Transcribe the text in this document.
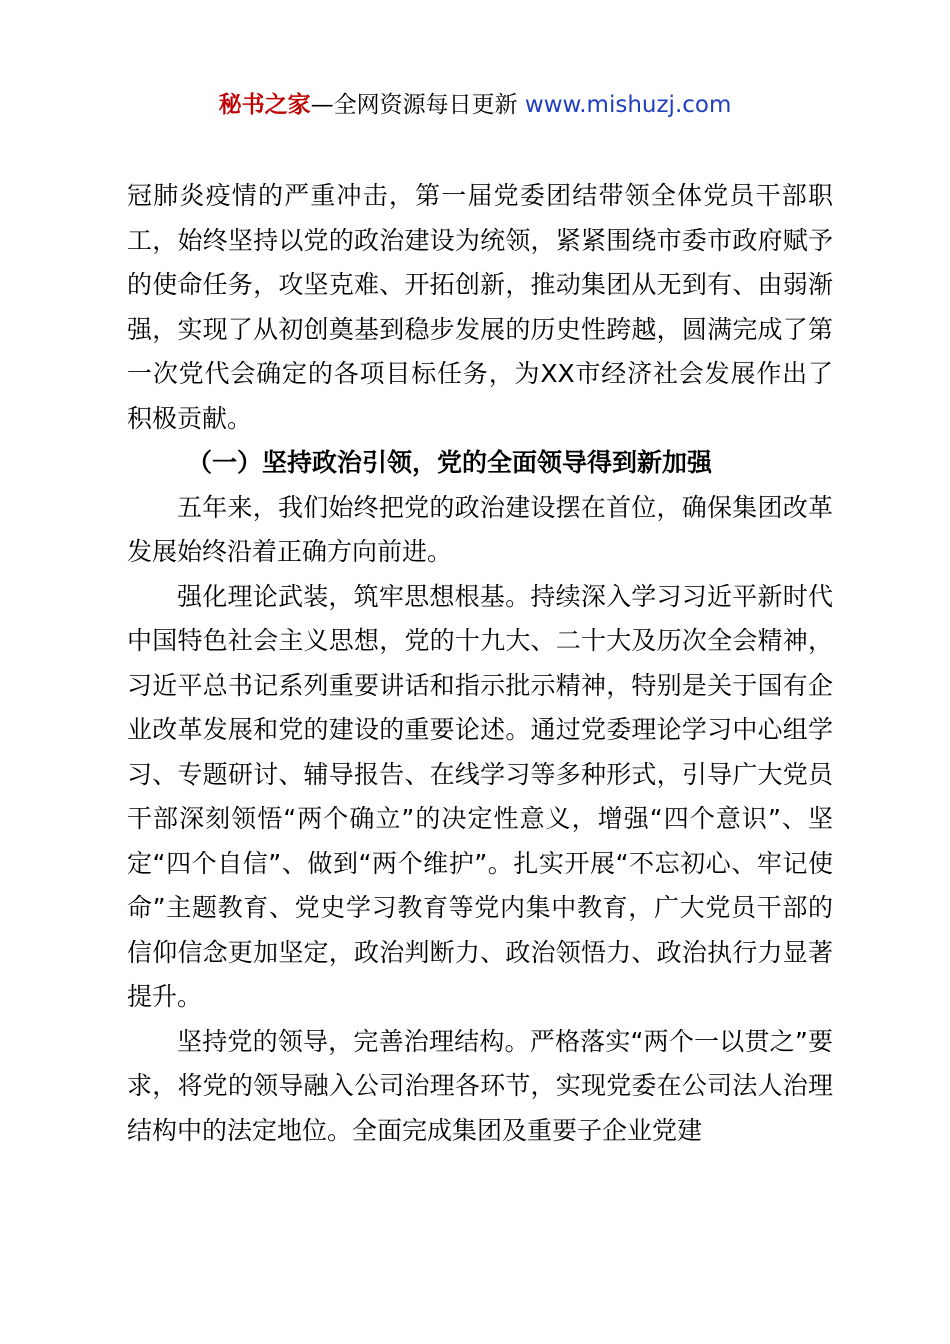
秘书之家—全网资源每日更新 www.mishuzj.com

冠肺炎疫情的严重冲击，第一届党委团结带领全体党员干部职工，始终坚持以党的政治建设为统领，紧紧围绕市委市政府赋予的使命任务，攻坚克难、开拓创新，推动集团从无到有、由弱渐强，实现了从初创奠基到稳步发展的历史性跨越，圆满完成了第一次党代会确定的各项目标任务，为XX市经济社会发展作出了积极贡献。

（一）坚持政治引领，党的全面领导得到新加强

五年来，我们始终把党的政治建设摆在首位，确保集团改革发展始终沿着正确方向前进。

强化理论武装，筑牢思想根基。持续深入学习习近平新时代中国特色社会主义思想，党的十九大、二十大及历次全会精神，习近平总书记系列重要讲话和指示批示精神，特别是关于国有企业改革发展和党的建设的重要论述。通过党委理论学习中心组学习、专题研讨、辅导报告、在线学习等多种形式，引导广大党员干部深刻领悟“两个确立”的决定性意义，增强“四个意识”、坚定“四个自信”、做到“两个维护”。扎实开展“不忘初心、牢记使命”主题教育、党史学习教育等党内集中教育，广大党员干部的信仰信念更加坚定，政治判断力、政治领悟力、政治执行力显著提升。

坚持党的领导，完善治理结构。严格落实“两个一以贯之”要求，将党的领导融入公司治理各环节，实现党委在公司法人治理结构中的法定地位。全面完成集团及重要子企业党建
